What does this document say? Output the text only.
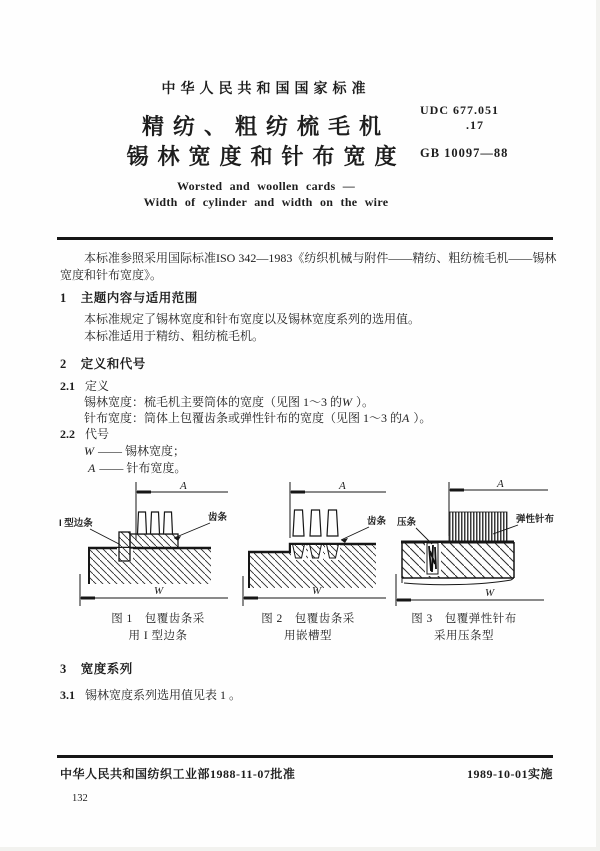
中华人民共和国国家标准
UDC 677.051
.17
GB 10097—88
精纺、粗纺梳毛机
锡林宽度和针布宽度
Worsted and woollen cards —
Width of cylinder and width on the wire
本标准参照采用国际标准ISO 342—1983《纺织机械与附件——精纺、粗纺梳毛机——锡林宽度和针布宽度》。
1 主题内容与适用范围
本标准规定了锡林宽度和针布宽度以及锡林宽度系列的选用值。
本标准适用于精纺、粗纺梳毛机。
2 定义和代号
2.1 定义
锡林宽度：梳毛机主要筒体的宽度（见图 1～3 的W ）。
针布宽度：筒体上包覆齿条或弹性针布的宽度（见图 1～3 的A ）。
2.2 代号
W —— 锡林宽度；
A —— 针布宽度。
A
W
I 型边条
齿条
A
W
齿条
A
W
压条	弹性针布
图 1　包覆齿条采
用 I 型边条
图 2　包覆齿条采
用嵌槽型
图 3　包覆弹性针布
采用压条型
3 宽度系列
3.1 锡林宽度系列选用值见表 1 。
中华人民共和国纺织工业部1988-11-07批准	1989-10-01实施
132
